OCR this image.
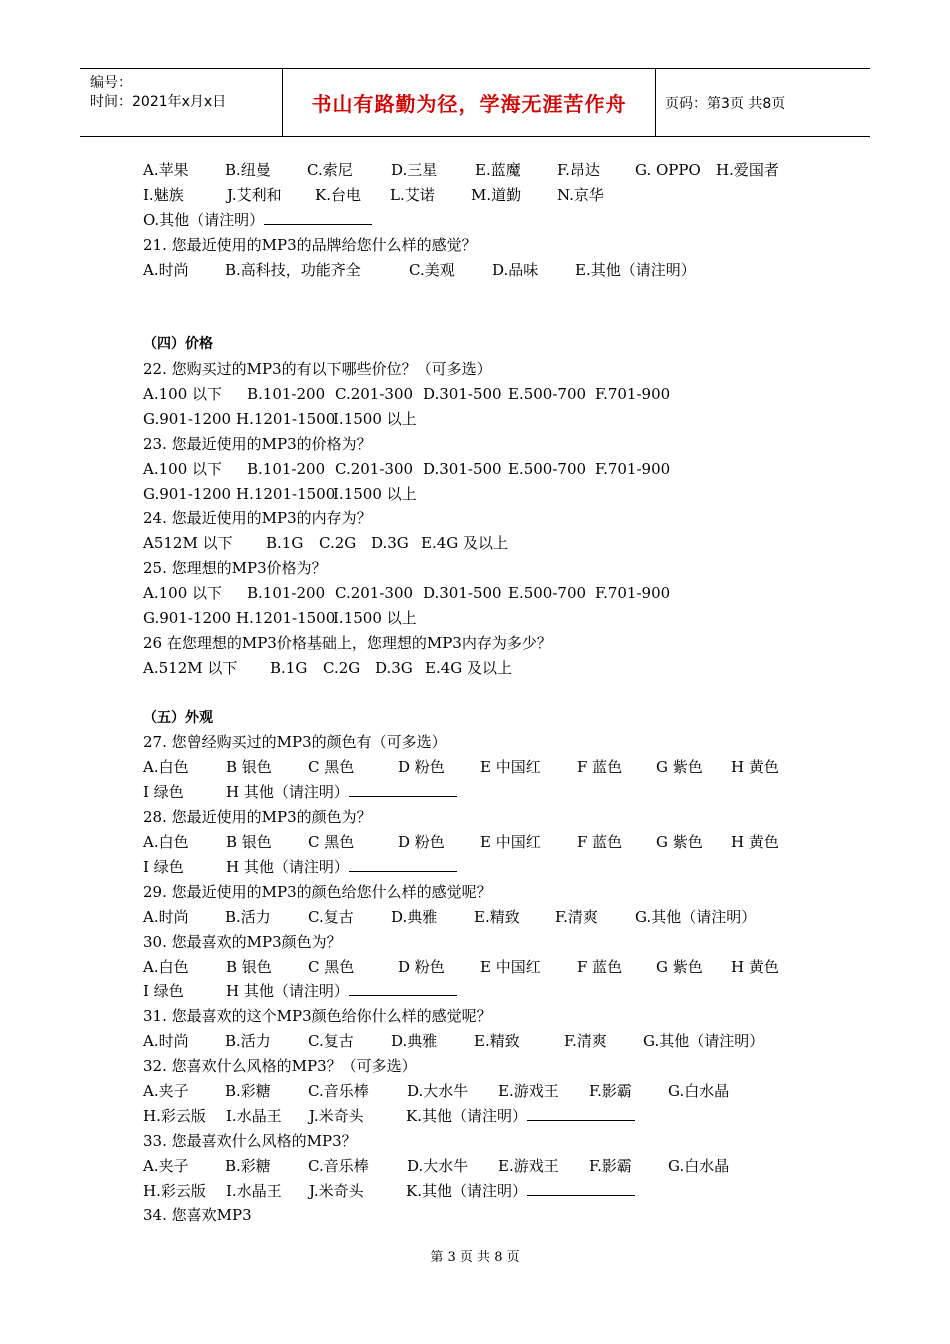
编号：
时间：2021年x月x日	书山有路勤为径，学海无涯苦作舟	页码：第3页 共8页
A.苹果 B.纽曼 C.索尼	D.三星	E.蓝魔 F.昂达 G. OPPO H.爱国者
I.魅族	J.艾利和 K.台电 L.艾诺 M.道勤 N.京华
O.其他（请注明）
21. 您最近使用的MP3的品牌给您什么样的感觉？
A.时尚 B.高科技，功能齐全	C.美观 D.品味 E.其他（请注明）
（四）价格
22. 您购买过的MP3的有以下哪些价位？（可多选）
A.100 以下 B.101-200 C.201-300 D.301-500 E.500-700 F.701-900
G.901-1200 H.1201-1500
I.1500 以上
23. 您最近使用的MP3的价格为？
A.100 以下 B.101-200 C.201-300 D.301-500 E.500-700 F.701-900
G.901-1200 H.1201-1500
I.1500 以上
24. 您最近使用的MP3的内存为？
A512M 以下 B.1G C.2G D.3G E.4G 及以上
25. 您理想的MP3价格为？
A.100 以下 B.101-200 C.201-300 D.301-500 E.500-700 F.701-900
G.901-1200 H.1201-1500
I.1500 以上
26 在您理想的MP3价格基础上，您理想的MP3内存为多少？
A.512M 以下 B.1G C.2G D.3G E.4G 及以上
（五）外观
27. 您曾经购买过的MP3的颜色有（可多选）
A.白色 B 银色 C 黑色	D 粉色 E 中国红 F 蓝色 G 紫色 H 黄色
I 绿色	H 其他（请注明）
28. 您最近使用的MP3的颜色为？
A.白色 B 银色 C 黑色	D 粉色 E 中国红 F 蓝色 G 紫色 H 黄色
I 绿色	H 其他（请注明）
29. 您最近使用的MP3的颜色给您什么样的感觉呢？
A.时尚 B.活力 C.复古 D.典雅 E.精致 F.清爽 G.其他（请注明）
30. 您最喜欢的MP3颜色为？
A.白色 B 银色 C 黑色	D 粉色 E 中国红 F 蓝色 G 紫色 H 黄色
I 绿色	H 其他（请注明）
31. 您最喜欢的这个MP3颜色给你什么样的感觉呢？
A.时尚 B.活力 C.复古 D.典雅 E.精致	F.清爽 G.其他（请注明）
32. 您喜欢什么风格的MP3？（可多选）
A.夹子 B.彩糖 C.音乐棒	D.大水牛 E.游戏王 F.影霸 G.白水晶
H.彩云版 I.水晶王 J.米奇头	K.其他（请注明）
33. 您最喜欢什么风格的MP3？
A.夹子 B.彩糖 C.音乐棒	D.大水牛 E.游戏王 F.影霸 G.白水晶
H.彩云版 I.水晶王 J.米奇头	K.其他（请注明）
34. 您喜欢MP3
第 3 页 共 8 页
